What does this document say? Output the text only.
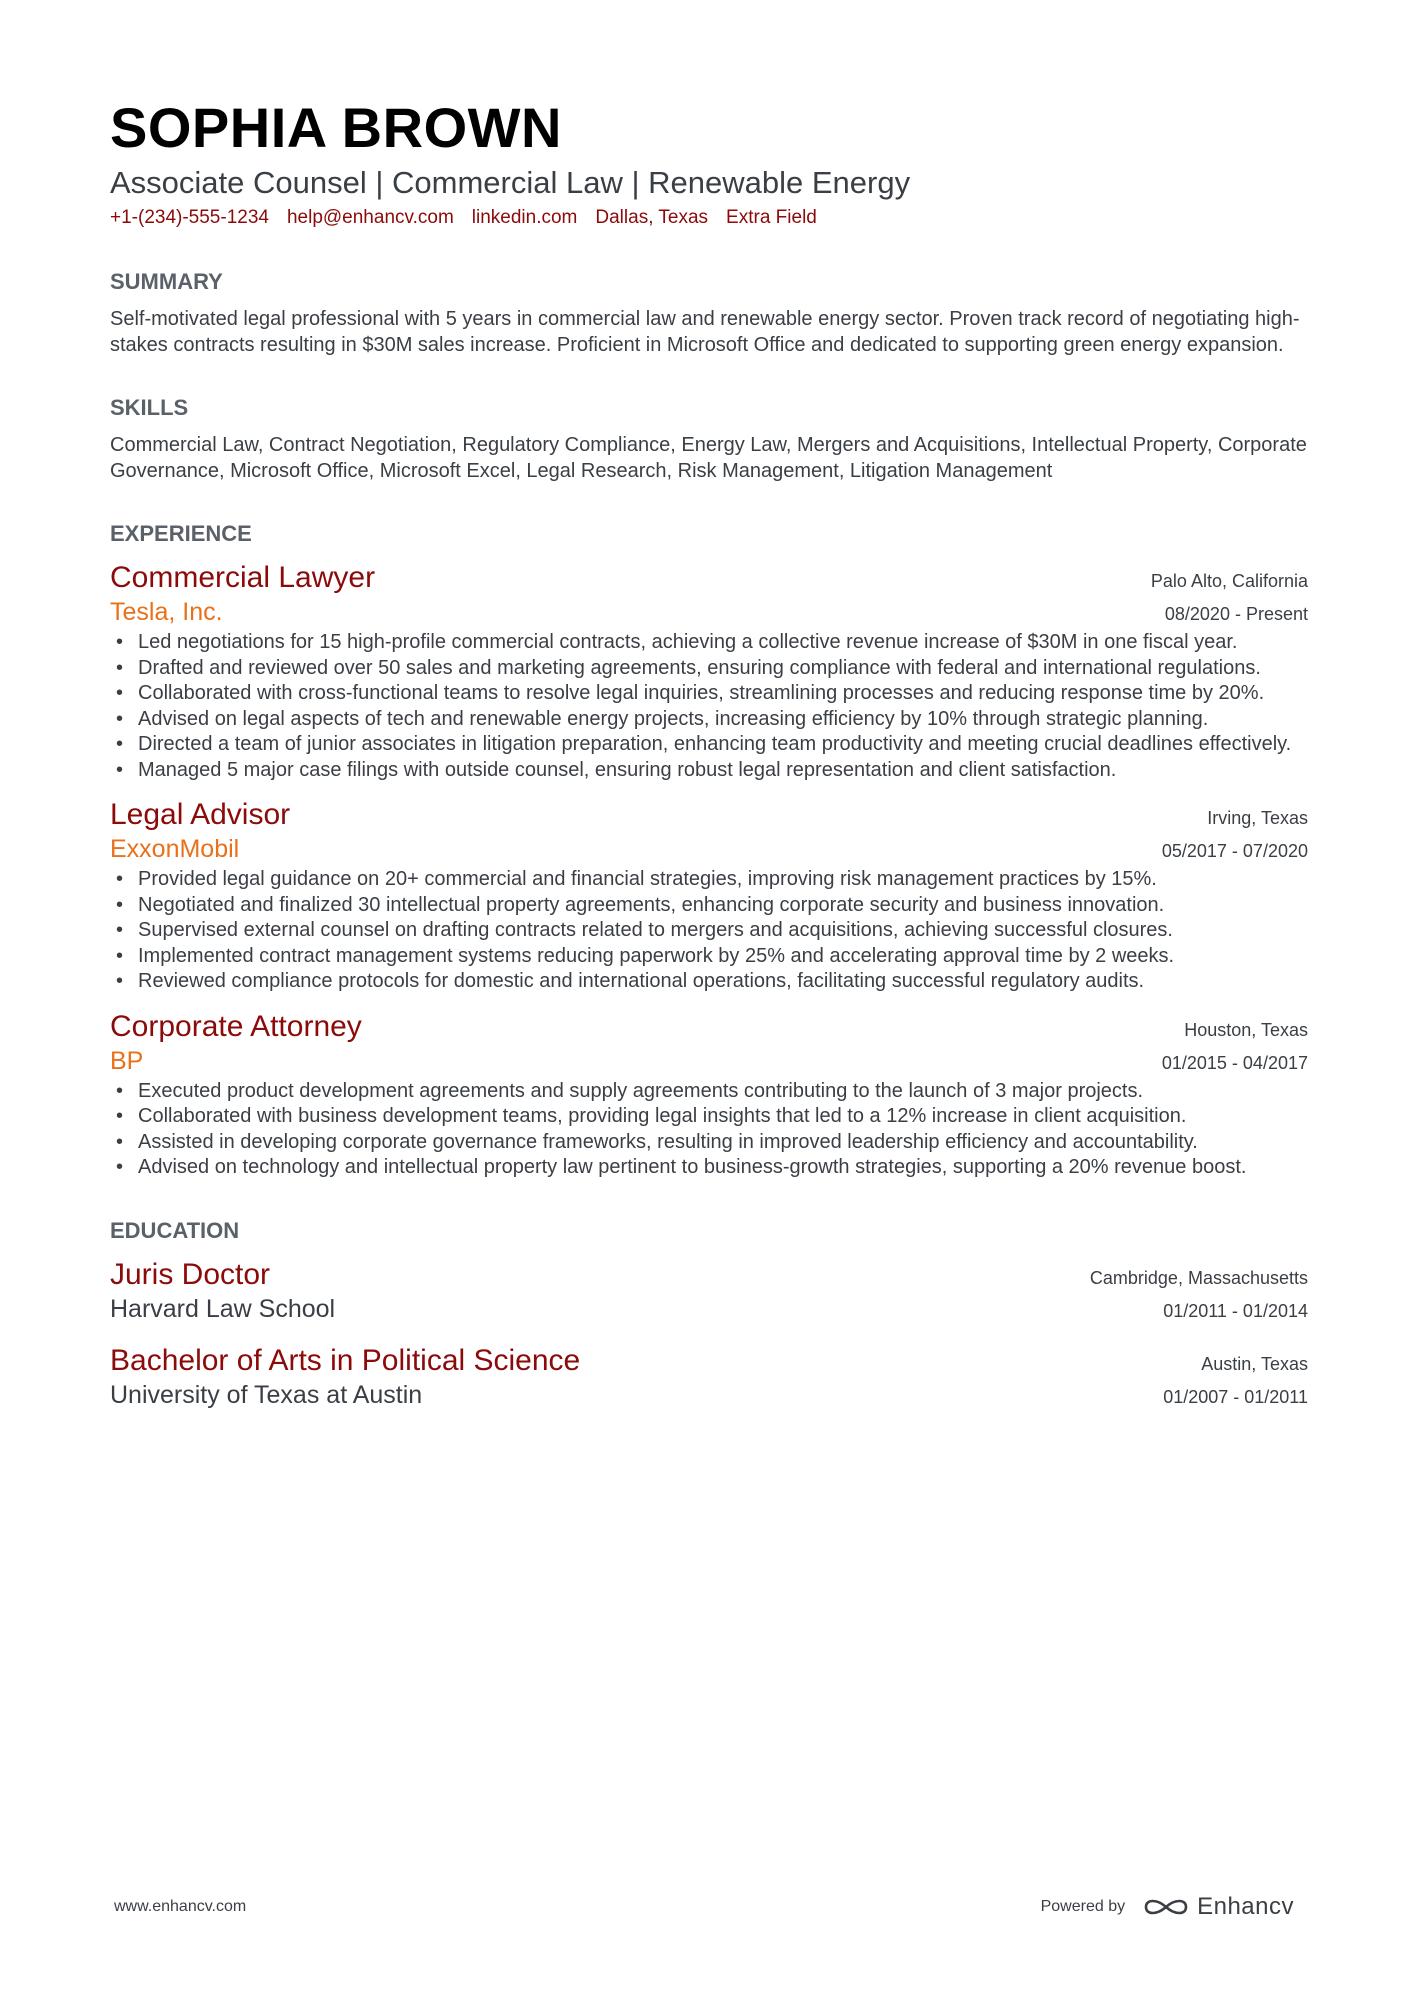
SOPHIA BROWN
Associate Counsel | Commercial Law | Renewable Energy
+1-(234)-555-1234 help@enhancv.com linkedin.com Dallas, Texas Extra Field
SUMMARY
Self-motivated legal professional with 5 years in commercial law and renewable energy sector. Proven track record of negotiating high-stakes contracts resulting in $30M sales increase. Proficient in Microsoft Office and dedicated to supporting green energy expansion.
SKILLS
Commercial Law, Contract Negotiation, Regulatory Compliance, Energy Law, Mergers and Acquisitions, Intellectual Property, Corporate Governance, Microsoft Office, Microsoft Excel, Legal Research, Risk Management, Litigation Management
EXPERIENCE
Commercial Lawyer	Palo Alto, California
Tesla, Inc.	08/2020 - Present
• Led negotiations for 15 high-profile commercial contracts, achieving a collective revenue increase of $30M in one fiscal year.
• Drafted and reviewed over 50 sales and marketing agreements, ensuring compliance with federal and international regulations.
• Collaborated with cross-functional teams to resolve legal inquiries, streamlining processes and reducing response time by 20%.
• Advised on legal aspects of tech and renewable energy projects, increasing efficiency by 10% through strategic planning.
• Directed a team of junior associates in litigation preparation, enhancing team productivity and meeting crucial deadlines effectively.
• Managed 5 major case filings with outside counsel, ensuring robust legal representation and client satisfaction.
Legal Advisor	Irving, Texas
ExxonMobil	05/2017 - 07/2020
• Provided legal guidance on 20+ commercial and financial strategies, improving risk management practices by 15%.
• Negotiated and finalized 30 intellectual property agreements, enhancing corporate security and business innovation.
• Supervised external counsel on drafting contracts related to mergers and acquisitions, achieving successful closures.
• Implemented contract management systems reducing paperwork by 25% and accelerating approval time by 2 weeks.
• Reviewed compliance protocols for domestic and international operations, facilitating successful regulatory audits.
Corporate Attorney	Houston, Texas
BP	01/2015 - 04/2017
• Executed product development agreements and supply agreements contributing to the launch of 3 major projects.
• Collaborated with business development teams, providing legal insights that led to a 12% increase in client acquisition.
• Assisted in developing corporate governance frameworks, resulting in improved leadership efficiency and accountability.
• Advised on technology and intellectual property law pertinent to business-growth strategies, supporting a 20% revenue boost.
EDUCATION
Juris Doctor	Cambridge, Massachusetts
Harvard Law School	01/2011 - 01/2014
Bachelor of Arts in Political Science	Austin, Texas
University of Texas at Austin	01/2007 - 01/2011
www.enhancv.com	Powered by	Enhancv
